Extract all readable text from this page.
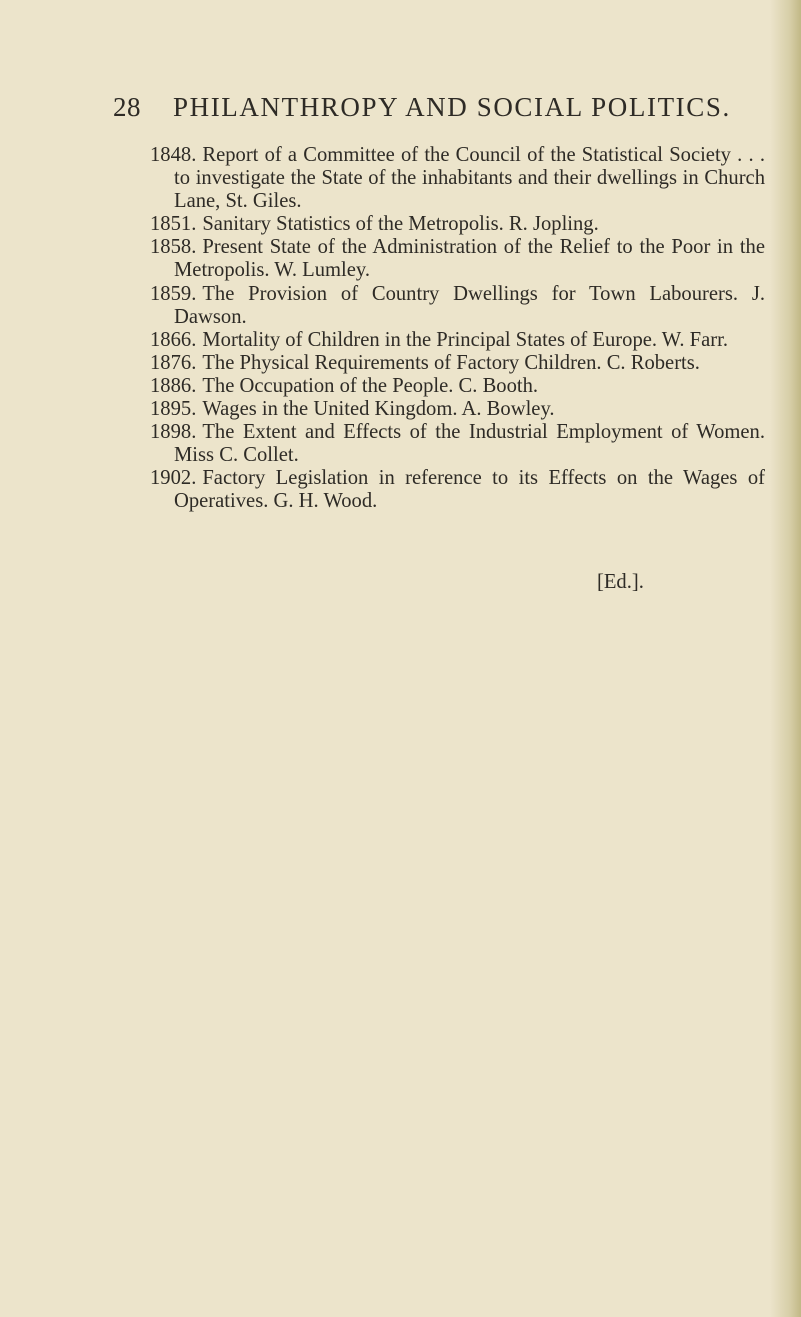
28 PHILANTHROPY AND SOCIAL POLITICS.
1848. Report of a Committee of the Council of the Statistical Society . . . to investigate the State of the inhabitants and their dwellings in Church Lane, St. Giles.
1851. Sanitary Statistics of the Metropolis. R. Jopling.
1858. Present State of the Administration of the Relief to the Poor in the Metropolis. W. Lumley.
1859. The Provision of Country Dwellings for Town Labourers. J. Dawson.
1866. Mortality of Children in the Principal States of Europe. W. Farr.
1876. The Physical Requirements of Factory Children. C. Roberts.
1886. The Occupation of the People. C. Booth.
1895. Wages in the United Kingdom. A. Bowley.
1898. The Extent and Effects of the Industrial Employment of Women. Miss C. Collet.
1902. Factory Legislation in reference to its Effects on the Wages of Operatives. G. H. Wood.
[Ed.].
